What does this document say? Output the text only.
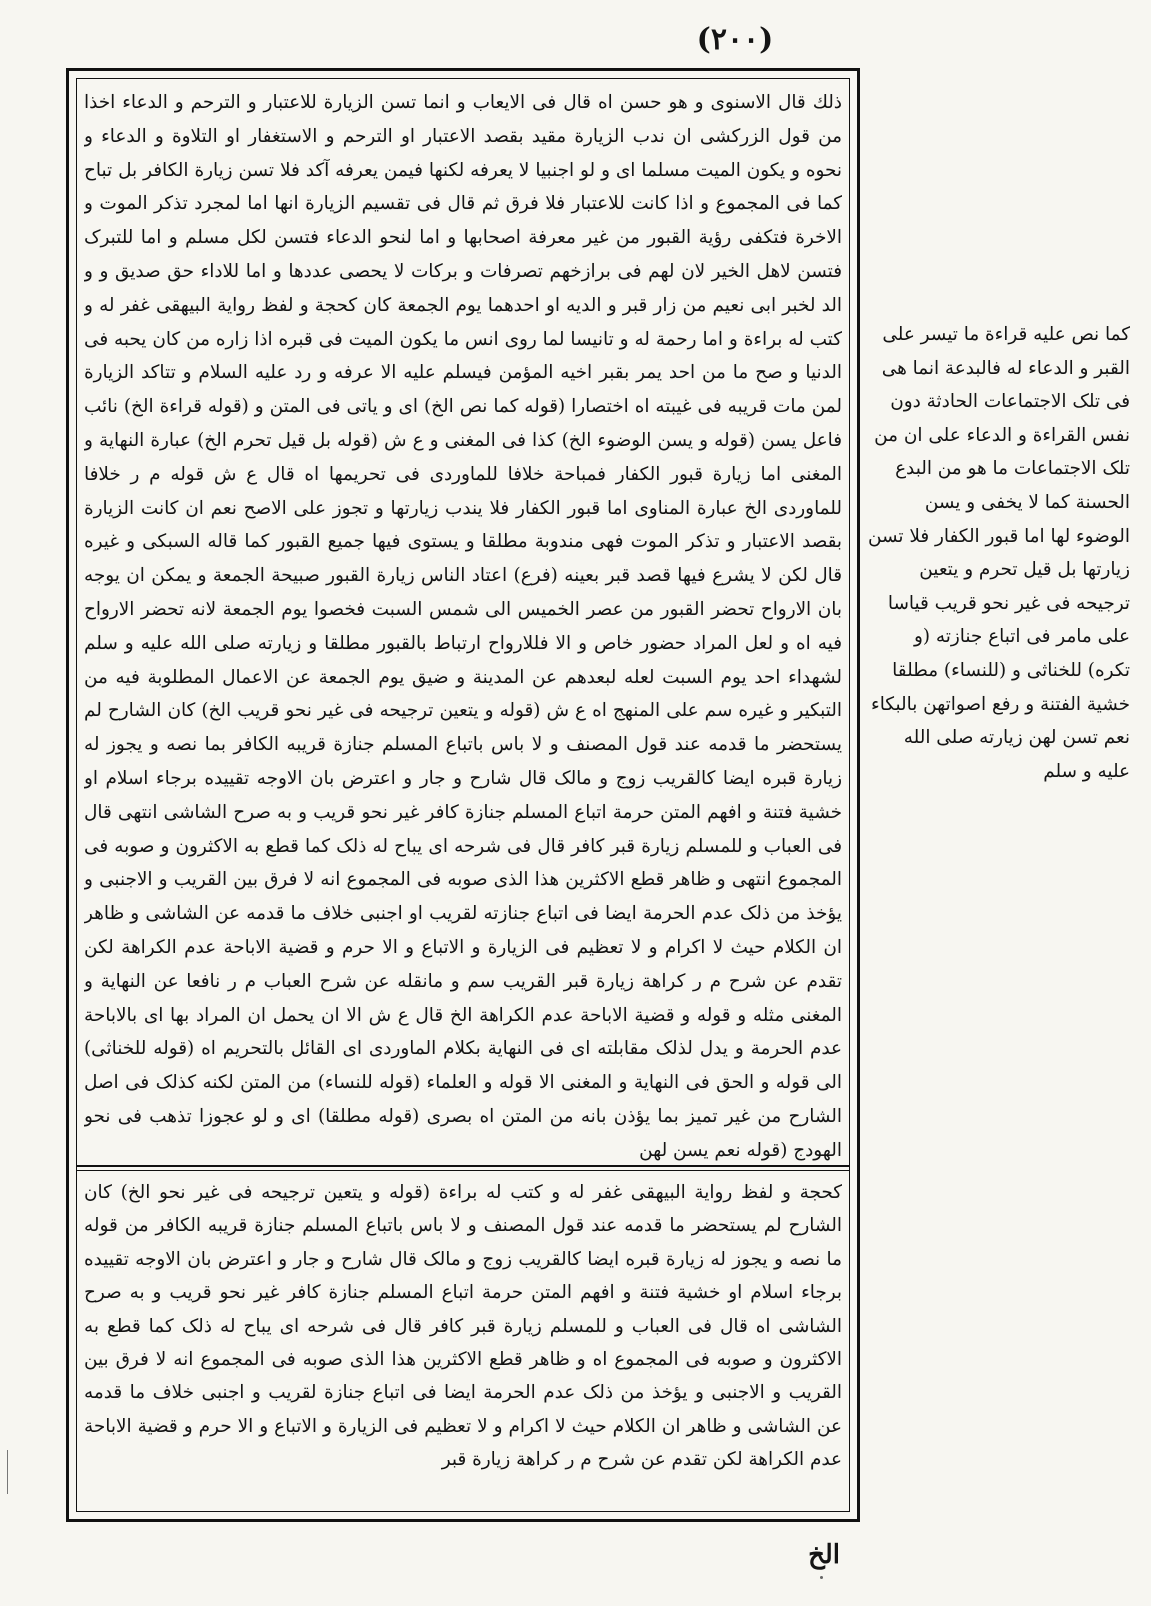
(٢٠٠)
ذلك قال الاسنوی و هو حسن اه قال فی الایعاب و انما تسن الزیارة للاعتبار و الترحم و الدعاء اخذا من قول الزرکشی ان ندب الزیارة مقید بقصد الاعتبار او الترحم و الاستغفار او التلاوة و الدعاء و نحوه و یکون المیت مسلما ای و لو اجنبیا لا یعرفه لکنها فیمن یعرفه آکد فلا تسن زیارة الکافر بل تباح کما فی المجموع و اذا کانت للاعتبار فلا فرق ثم قال فی تقسیم الزیارة انها اما لمجرد تذکر الموت و الاخرة فتکفی رؤیة القبور من غیر معرفة اصحابها و اما لنحو الدعاء فتسن لکل مسلم و اما للتبرک فتسن لاهل الخیر لان لهم فی برازخهم تصرفات و برکات لا یحصی عددها و اما للاداء حق صدیق و و الد لخبر ابی نعیم من زار قبر و الدیه او احدهما یوم الجمعة کان کحجة و لفظ روایة البیهقی غفر له و کتب له براءة و اما رحمة له و تانیسا لما روی انس ما یکون المیت فی قبره اذا زاره من کان یحبه فی الدنیا و صح ما من احد یمر بقبر اخیه المؤمن فیسلم علیه الا عرفه و رد علیه السلام و تتاکد الزیارة لمن مات قریبه فی غیبته اه اختصارا (قوله کما نص الخ) ای و یاتی فی المتن و (قوله قراءة الخ) نائب فاعل یسن (قوله و یسن الوضوء الخ) کذا فی المغنی و ع ش (قوله بل قیل تحرم الخ) عبارة النهایة و المغنی اما زیارة قبور الکفار فمباحة خلافا للماوردی فی تحریمها اه قال ع ش قوله م ر خلافا للماوردی الخ عبارة المناوی اما قبور الکفار فلا یندب زیارتها و تجوز علی الاصح نعم ان کانت الزیارة بقصد الاعتبار و تذکر الموت فهی مندوبة مطلقا و یستوی فیها جمیع القبور کما قاله السبکی و غیره قال لکن لا یشرع فیها قصد قبر بعینه (فرع) اعتاد الناس زیارة القبور صبیحة الجمعة و یمکن ان یوجه بان الارواح تحضر القبور من عصر الخمیس الی شمس السبت فخصوا یوم الجمعة لانه تحضر الارواح فیه اه و لعل المراد حضور خاص و الا فللارواح ارتباط بالقبور مطلقا و زیارته صلی الله علیه و سلم لشهداء احد یوم السبت لعله لبعدهم عن المدینة و ضیق یوم الجمعة عن الاعمال المطلوبة فیه من التبکیر و غیره سم علی المنهج اه ع ش (قوله و یتعین ترجیحه فی غیر نحو قریب الخ) کان الشارح لم یستحضر ما قدمه عند قول المصنف و لا باس باتباع المسلم جنازة قریبه الکافر بما نصه و یجوز له زیارة قبره ایضا کالقریب زوج و مالک قال شارح و جار و اعترض بان الاوجه تقییده برجاء اسلام او خشیة فتنة و افهم المتن حرمة اتباع المسلم جنازة کافر غیر نحو قریب و به صرح الشاشی انتهی قال فی العباب و للمسلم زیارة قبر کافر قال فی شرحه ای یباح له ذلک کما قطع به الاکثرون و صوبه فی المجموع انتهی و ظاهر قطع الاکثرین هذا الذی صوبه فی المجموع انه لا فرق بین القریب و الاجنبی و یؤخذ من ذلک عدم الحرمة ایضا فی اتباع جنازته لقریب او اجنبی خلاف ما قدمه عن الشاشی و ظاهر ان الکلام حیث لا اکرام و لا تعظیم فی الزیارة و الاتباع و الا حرم و قضیة الاباحة عدم الکراهة لکن تقدم عن شرح م ر کراهة زیارة قبر القریب سم و مانقله عن شرح العباب م ر نافعا عن النهایة و المغنی مثله و قوله و قضیة الاباحة عدم الکراهة الخ قال ع ش الا ان یحمل ان المراد بها ای بالاباحة عدم الحرمة و یدل لذلک مقابلته ای فی النهایة بکلام الماوردی ای القائل بالتحریم اه (قوله للخناثی) الی قوله و الحق فی النهایة و المغنی الا قوله و العلماء (قوله للنساء) من المتن لکنه کذلک فی اصل الشارح من غیر تمیز بما یؤذن بانه من المتن اه بصری (قوله مطلقا) ای و لو عجوزا تذهب فی نحو الهودج (قوله نعم یسن لهن
کحجة و لفظ روایة البیهقی غفر له و کتب له براءة (قوله و یتعین ترجیحه فی غیر نحو الخ) کان الشارح لم یستحضر ما قدمه عند قول المصنف و لا باس باتباع المسلم جنازة قریبه الکافر من قوله ما نصه و یجوز له زیارة قبره ایضا کالقریب زوج و مالک قال شارح و جار و اعترض بان الاوجه تقییده برجاء اسلام او خشیة فتنة و افهم المتن حرمة اتباع المسلم جنازة کافر غیر نحو قریب و به صرح الشاشی اه قال فی العباب و للمسلم زیارة قبر کافر قال فی شرحه ای یباح له ذلک کما قطع به الاکثرون و صوبه فی المجموع اه و ظاهر قطع الاکثرین هذا الذی صوبه فی المجموع انه لا فرق بین القریب و الاجنبی و یؤخذ من ذلک عدم الحرمة ایضا فی اتباع جنازة لقریب و اجنبی خلاف ما قدمه عن الشاشی و ظاهر ان الکلام حیث لا اکرام و لا تعظیم فی الزیارة و الاتباع و الا حرم و قضیة الاباحة عدم الکراهة لکن تقدم عن شرح م ر کراهة زیارة قبر
کما نص علیه قراءة ما تیسر علی القبر و الدعاء له فالبدعة انما هی فی تلک الاجتماعات الحادثة دون نفس القراءة و الدعاء علی ان من تلک الاجتماعات ما هو من البدع الحسنة کما لا یخفی و یسن الوضوء لها اما قبور الکفار فلا تسن زیارتها بل قیل تحرم و یتعین ترجیحه فی غیر نحو قریب قیاسا علی مامر فی اتباع جنازته (و تکره) للخناثی و (للنساء) مطلقا خشیة الفتنة و رفع اصواتهن بالبکاء نعم تسن لهن زیارته صلی الله علیه و سلم
الخ
